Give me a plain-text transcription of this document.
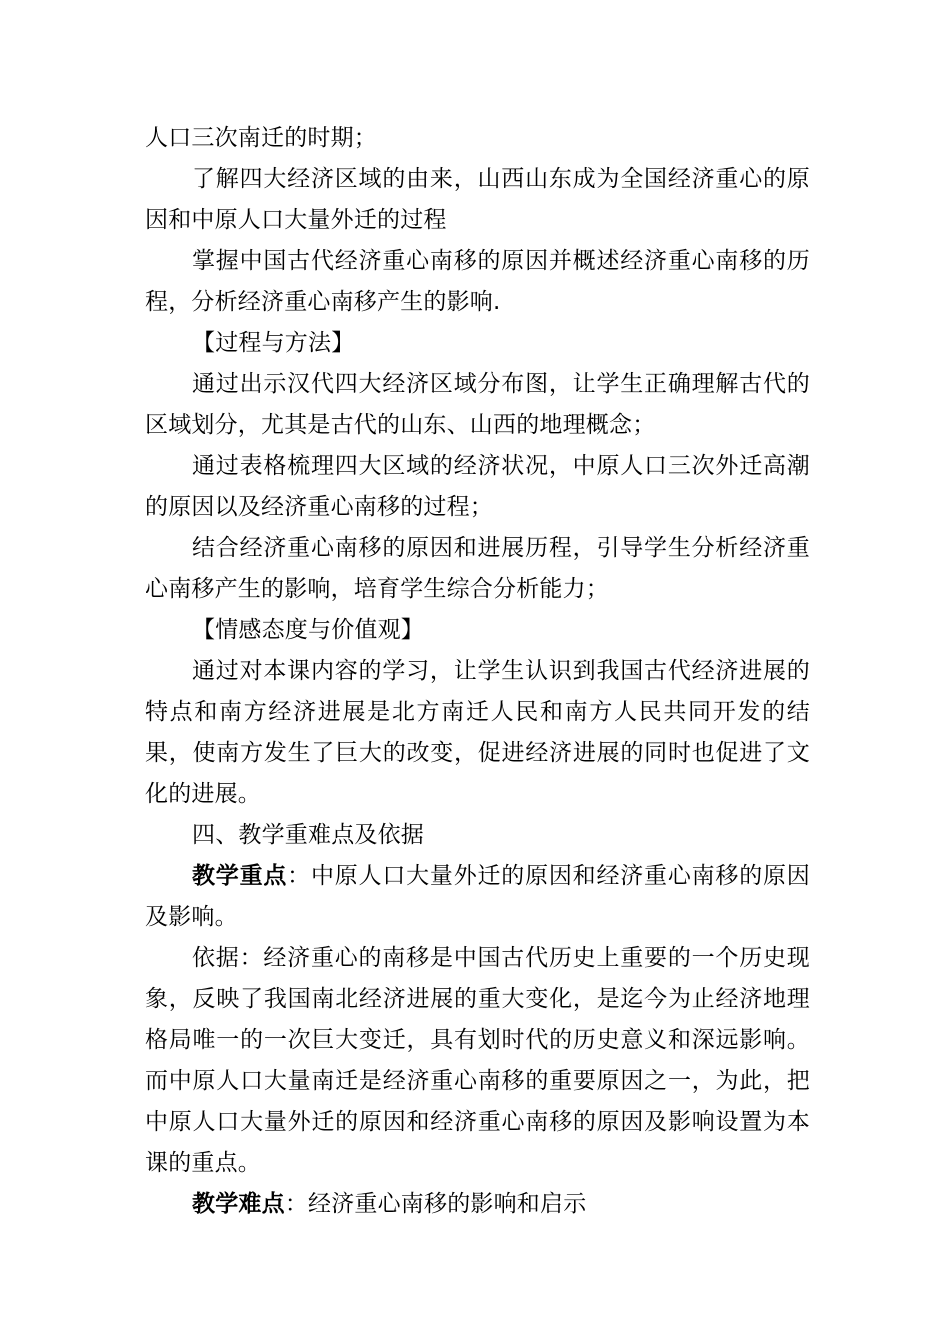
人口三次南迁的时期；

了解四大经济区域的由来，山西山东成为全国经济重心的原因和中原人口大量外迁的过程

掌握中国古代经济重心南移的原因并概述经济重心南移的历程，分析经济重心南移产生的影响.

【过程与方法】

通过出示汉代四大经济区域分布图，让学生正确理解古代的区域划分，尤其是古代的山东、山西的地理概念；

通过表格梳理四大区域的经济状况，中原人口三次外迁高潮的原因以及经济重心南移的过程；

结合经济重心南移的原因和进展历程，引导学生分析经济重心南移产生的影响，培育学生综合分析能力；

【情感态度与价值观】

通过对本课内容的学习，让学生认识到我国古代经济进展的特点和南方经济进展是北方南迁人民和南方人民共同开发的结果，使南方发生了巨大的改变，促进经济进展的同时也促进了文化的进展。

四、教学重难点及依据

教学重点：中原人口大量外迁的原因和经济重心南移的原因及影响。

依据：经济重心的南移是中国古代历史上重要的一个历史现象，反映了我国南北经济进展的重大变化，是迄今为止经济地理格局唯一的一次巨大变迁，具有划时代的历史意义和深远影响。而中原人口大量南迁是经济重心南移的重要原因之一，为此，把中原人口大量外迁的原因和经济重心南移的原因及影响设置为本课的重点。

教学难点：经济重心南移的影响和启示
